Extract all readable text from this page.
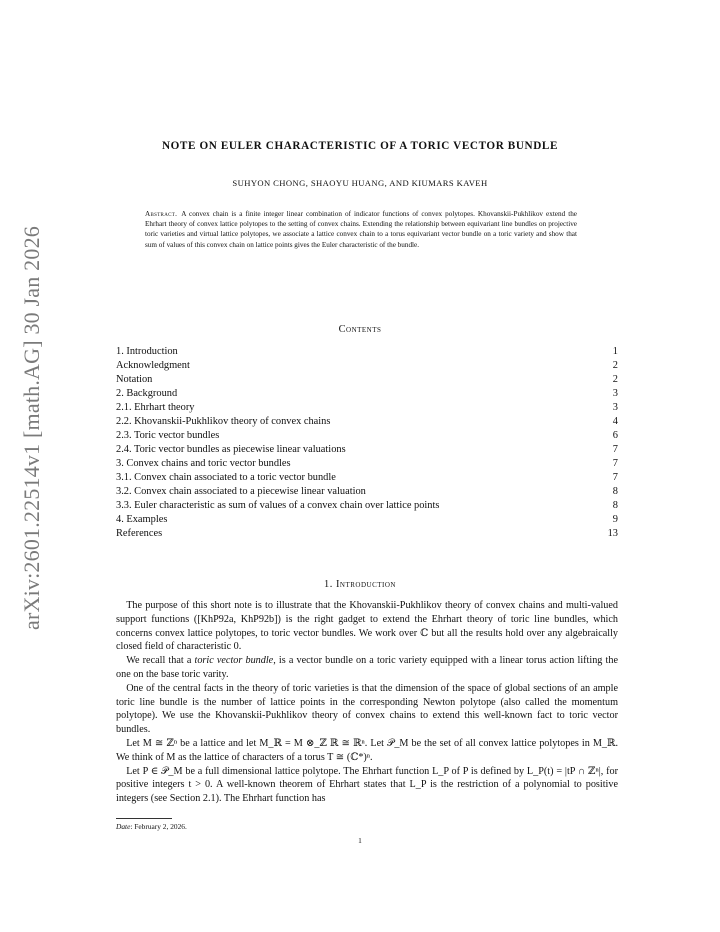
arXiv:2601.22514v1 [math.AG] 30 Jan 2026
NOTE ON EULER CHARACTERISTIC OF A TORIC VECTOR BUNDLE
SUHYON CHONG, SHAOYU HUANG, AND KIUMARS KAVEH
Abstract. A convex chain is a finite integer linear combination of indicator functions of convex polytopes. Khovanskii-Pukhlikov extend the Ehrhart theory of convex lattice polytopes to the setting of convex chains. Extending the relationship between equivariant line bundles on projective toric varieties and virtual lattice polytopes, we associate a lattice convex chain to a torus equivariant vector bundle on a toric variety and show that sum of values of this convex chain on lattice points gives the Euler characteristic of the bundle.
Contents
1. Introduction	1
Acknowledgment	2
Notation	2
2. Background	3
2.1. Ehrhart theory	3
2.2. Khovanskii-Pukhlikov theory of convex chains	4
2.3. Toric vector bundles	6
2.4. Toric vector bundles as piecewise linear valuations	7
3. Convex chains and toric vector bundles	7
3.1. Convex chain associated to a toric vector bundle	7
3.2. Convex chain associated to a piecewise linear valuation	8
3.3. Euler characteristic as sum of values of a convex chain over lattice points	8
4. Examples	9
References	13
1. Introduction

 The purpose of this short note is to illustrate that the Khovanskii-Pukhlikov theory of convex chains and multi-valued support functions ([KhP92a, KhP92b]) is the right gadget to extend the Ehrhart theory of toric line bundles, which concerns convex lattice polytopes, to toric vector bundles. We work over ℂ but all the results hold over any algebraically closed field of characteristic 0.

 We recall that a toric vector bundle, is a vector bundle on a toric variety equipped with a linear torus action lifting the one on the base toric varity.

 One of the central facts in the theory of toric varieties is that the dimension of the space of global sections of an ample toric line bundle is the number of lattice points in the corresponding Newton polytope (also called the momentum polytope). We use the Khovanskii-Pukhlikov theory of convex chains to extend this well-known fact to toric vector bundles.

 Let M ≅ ℤⁿ be a lattice and let M_ℝ = M ⊗_ℤ ℝ ≅ ℝⁿ. Let 𝒫_M be the set of all convex lattice polytopes in M_ℝ. We think of M as the lattice of characters of a torus T ≅ (ℂ*)ⁿ.

 Let P ∈ 𝒫_M be a full dimensional lattice polytope. The Ehrhart function L_P of P is defined by L_P(t) = |tP ∩ ℤⁿ|, for positive integers t > 0. A well-known theorem of Ehrhart states that L_P is the restriction of a polynomial to positive integers (see Section 2.1). The Ehrhart function has

Date: February 2, 2026.
1
